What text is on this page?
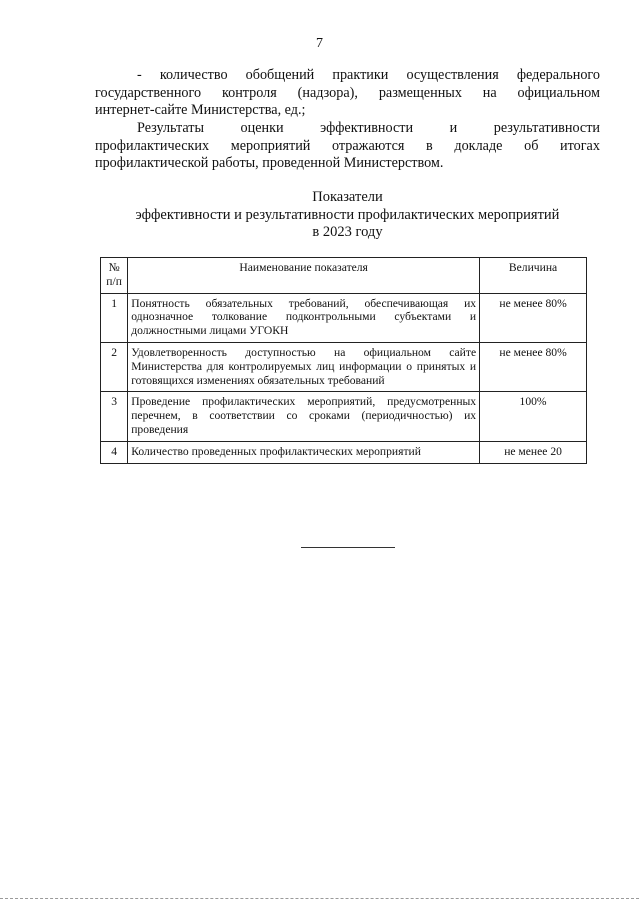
7
- количество обобщений практики осуществления федерального
государственного контроля (надзора), размещенных на официальном
интернет-сайте Министерства, ед.;
Результаты	оценки	эффективности	и	результативности
профилактических мероприятий отражаются в докладе об итогах
профилактической работы, проведенной Министерством.
Показатели
эффективности и результативности профилактических мероприятий
в 2023 году
№ п/п	Наименование показателя	Величина
1	Понятность обязательных требований, обеспечивающая их однозначное толкование подконтрольными субъектами и должностными лицами УГОКН	не менее 80%
2	Удовлетворенность доступностью на официальном сайте Министерства для контролируемых лиц информации о принятых и готовящихся изменениях обязательных требований	не менее 80%
3	Проведение профилактических мероприятий, предусмотренных перечнем, в соответствии со сроками (периодичностью) их проведения	100%
4	Количество проведенных профилактических мероприятий	не менее 20
